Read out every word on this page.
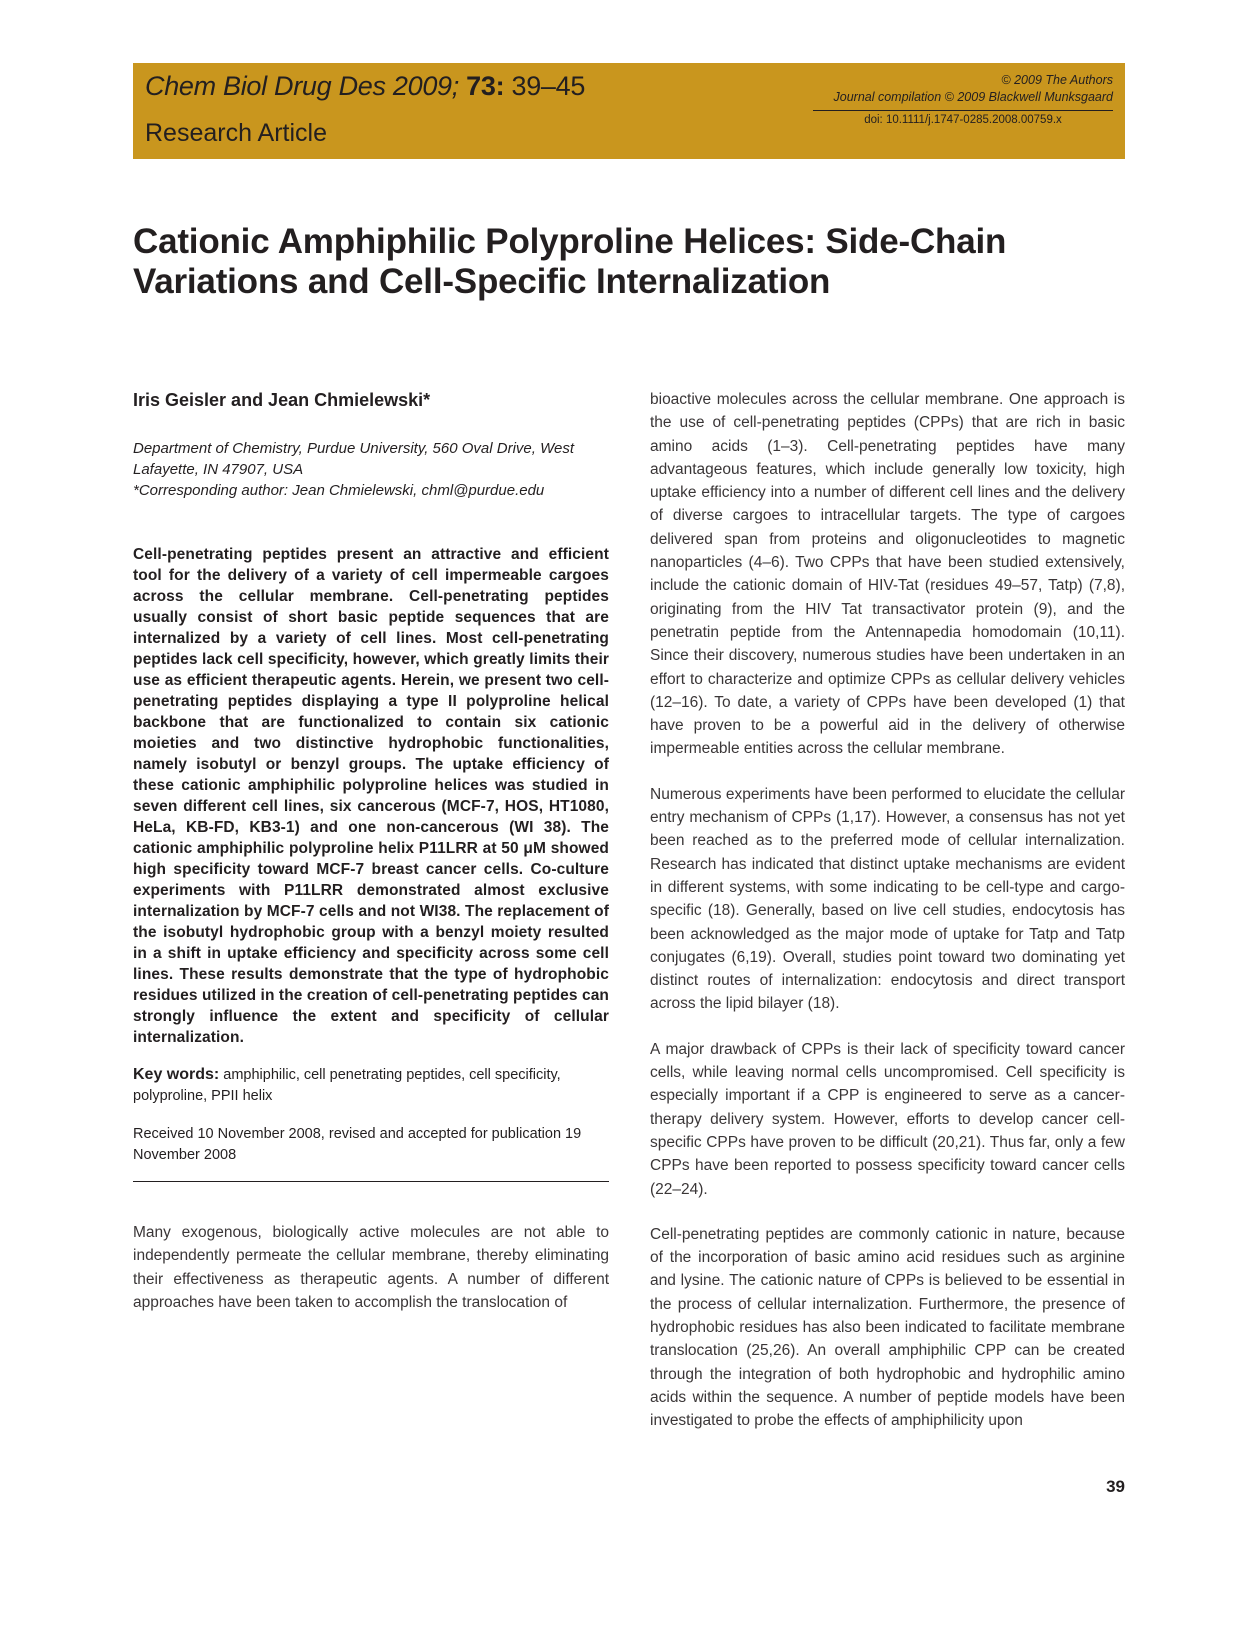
Chem Biol Drug Des 2009; 73: 39–45
Research Article
© 2009 The Authors
Journal compilation © 2009 Blackwell Munksgaard
doi: 10.1111/j.1747-0285.2008.00759.x
Cationic Amphiphilic Polyproline Helices: Side-Chain Variations and Cell-Specific Internalization
Iris Geisler and Jean Chmielewski*
Department of Chemistry, Purdue University, 560 Oval Drive, West Lafayette, IN 47907, USA
*Corresponding author: Jean Chmielewski, chml@purdue.edu
Cell-penetrating peptides present an attractive and efficient tool for the delivery of a variety of cell impermeable cargoes across the cellular membrane. Cell-penetrating peptides usually consist of short basic peptide sequences that are internalized by a variety of cell lines. Most cell-penetrating peptides lack cell specificity, however, which greatly limits their use as efficient therapeutic agents. Herein, we present two cell-penetrating peptides displaying a type II polyproline helical backbone that are functionalized to contain six cationic moieties and two distinctive hydrophobic functionalities, namely isobutyl or benzyl groups. The uptake efficiency of these cationic amphiphilic polyproline helices was studied in seven different cell lines, six cancerous (MCF-7, HOS, HT1080, HeLa, KB-FD, KB3-1) and one non-cancerous (WI 38). The cationic amphiphilic polyproline helix P11LRR at 50 μM showed high specificity toward MCF-7 breast cancer cells. Co-culture experiments with P11LRR demonstrated almost exclusive internalization by MCF-7 cells and not WI38. The replacement of the isobutyl hydrophobic group with a benzyl moiety resulted in a shift in uptake efficiency and specificity across some cell lines. These results demonstrate that the type of hydrophobic residues utilized in the creation of cell-penetrating peptides can strongly influence the extent and specificity of cellular internalization.
Key words: amphiphilic, cell penetrating peptides, cell specificity, polyproline, PPII helix
Received 10 November 2008, revised and accepted for publication 19 November 2008

Many exogenous, biologically active molecules are not able to independently permeate the cellular membrane, thereby eliminating their effectiveness as therapeutic agents. A number of different approaches have been taken to accomplish the translocation of

bioactive molecules across the cellular membrane. One approach is the use of cell-penetrating peptides (CPPs) that are rich in basic amino acids (1–3). Cell-penetrating peptides have many advantageous features, which include generally low toxicity, high uptake efficiency into a number of different cell lines and the delivery of diverse cargoes to intracellular targets. The type of cargoes delivered span from proteins and oligonucleotides to magnetic nanoparticles (4–6). Two CPPs that have been studied extensively, include the cationic domain of HIV-Tat (residues 49–57, Tatp) (7,8), originating from the HIV Tat transactivator protein (9), and the penetratin peptide from the Antennapedia homodomain (10,11). Since their discovery, numerous studies have been undertaken in an effort to characterize and optimize CPPs as cellular delivery vehicles (12–16). To date, a variety of CPPs have been developed (1) that have proven to be a powerful aid in the delivery of otherwise impermeable entities across the cellular membrane.

Numerous experiments have been performed to elucidate the cellular entry mechanism of CPPs (1,17). However, a consensus has not yet been reached as to the preferred mode of cellular internalization. Research has indicated that distinct uptake mechanisms are evident in different systems, with some indicating to be cell-type and cargo-specific (18). Generally, based on live cell studies, endocytosis has been acknowledged as the major mode of uptake for Tatp and Tatp conjugates (6,19). Overall, studies point toward two dominating yet distinct routes of internalization: endocytosis and direct transport across the lipid bilayer (18).

A major drawback of CPPs is their lack of specificity toward cancer cells, while leaving normal cells uncompromised. Cell specificity is especially important if a CPP is engineered to serve as a cancer-therapy delivery system. However, efforts to develop cancer cell-specific CPPs have proven to be difficult (20,21). Thus far, only a few CPPs have been reported to possess specificity toward cancer cells (22–24).

Cell-penetrating peptides are commonly cationic in nature, because of the incorporation of basic amino acid residues such as arginine and lysine. The cationic nature of CPPs is believed to be essential in the process of cellular internalization. Furthermore, the presence of hydrophobic residues has also been indicated to facilitate membrane translocation (25,26). An overall amphiphilic CPP can be created through the integration of both hydrophobic and hydrophilic amino acids within the sequence. A number of peptide models have been investigated to probe the effects of amphiphilicity upon

39
